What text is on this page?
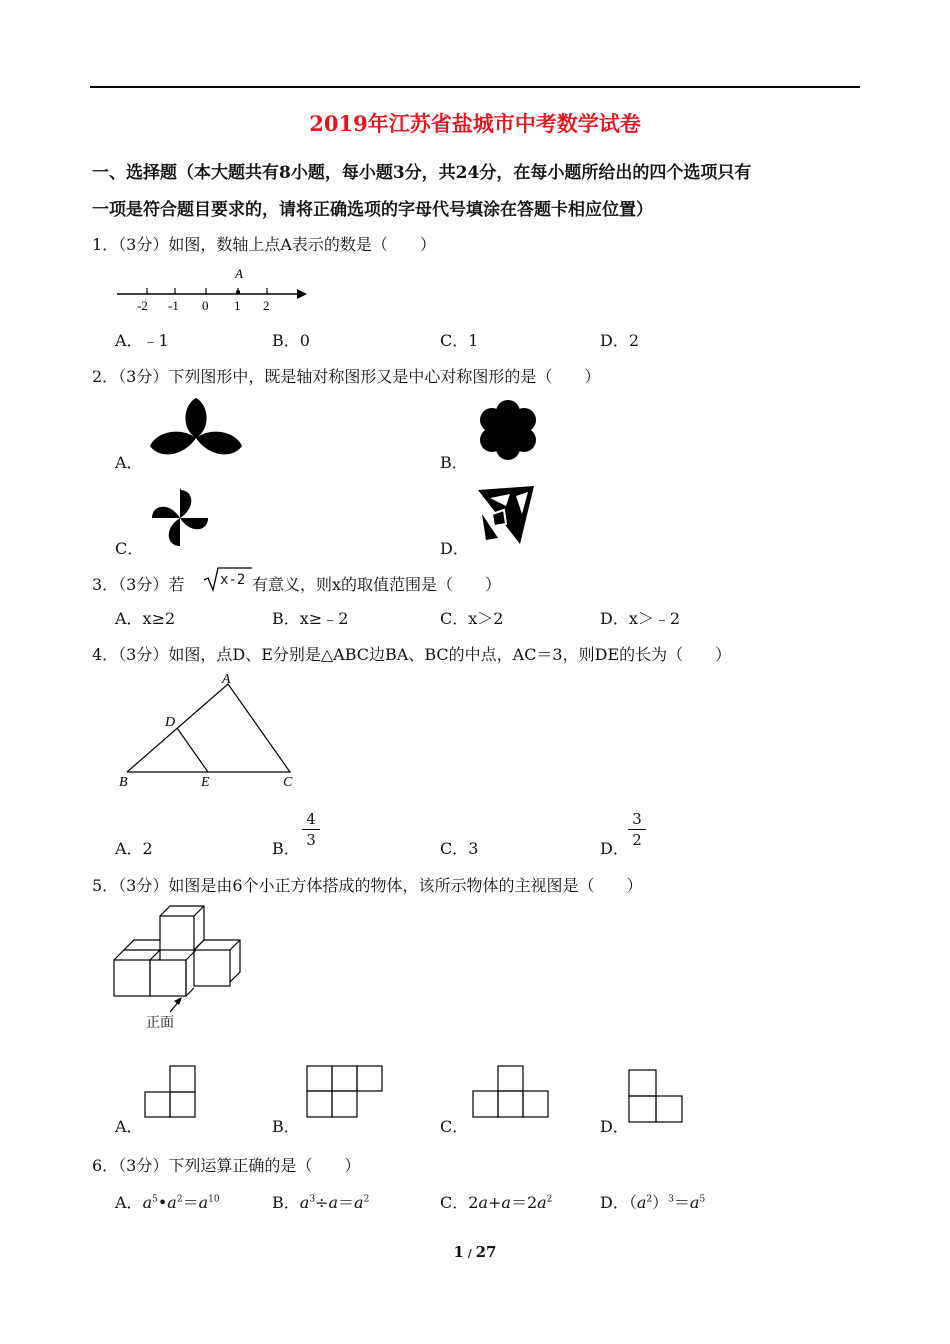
2019年江苏省盐城市中考数学试卷
一、选择题（本大题共有8小题，每小题3分，共24分，在每小题所给出的四个选项只有
一项是符合题目要求的，请将正确选项的字母代号填涂在答题卡相应位置）
1．（3分）如图，数轴上点A表示的数是（　　）
A
-2 -1 0 1 2
A．﹣1	B．0	C．1	D．2
2．（3分）下列图形中，既是轴对称图形又是中心对称图形的是（　　）
A．	B．
C．	D．
3．（3分）若	x-2 有意义，则x的取值范围是（　　）
A．x≥2	B．x≥﹣2	C．x＞2	D．x＞﹣2
4．（3分）如图，点D、E分别是△ABC边BA、BC的中点，AC＝3，则DE的长为（　　）
A
B	C
D
E
A．2	B．
4
3	C．3	D．
3
2
5．（3分）如图是由6个小正方体搭成的物体，该所示物体的主视图是（　　）
正面
A．	B．	C．	D．
6．（3分）下列运算正确的是（　　）
A．$a^5•a^2=a^{10}$	B．$a^3\div a=a^2$	C．$2a+a=2a^2$	D．$(a^2)^3=a^5$
1 / 27
